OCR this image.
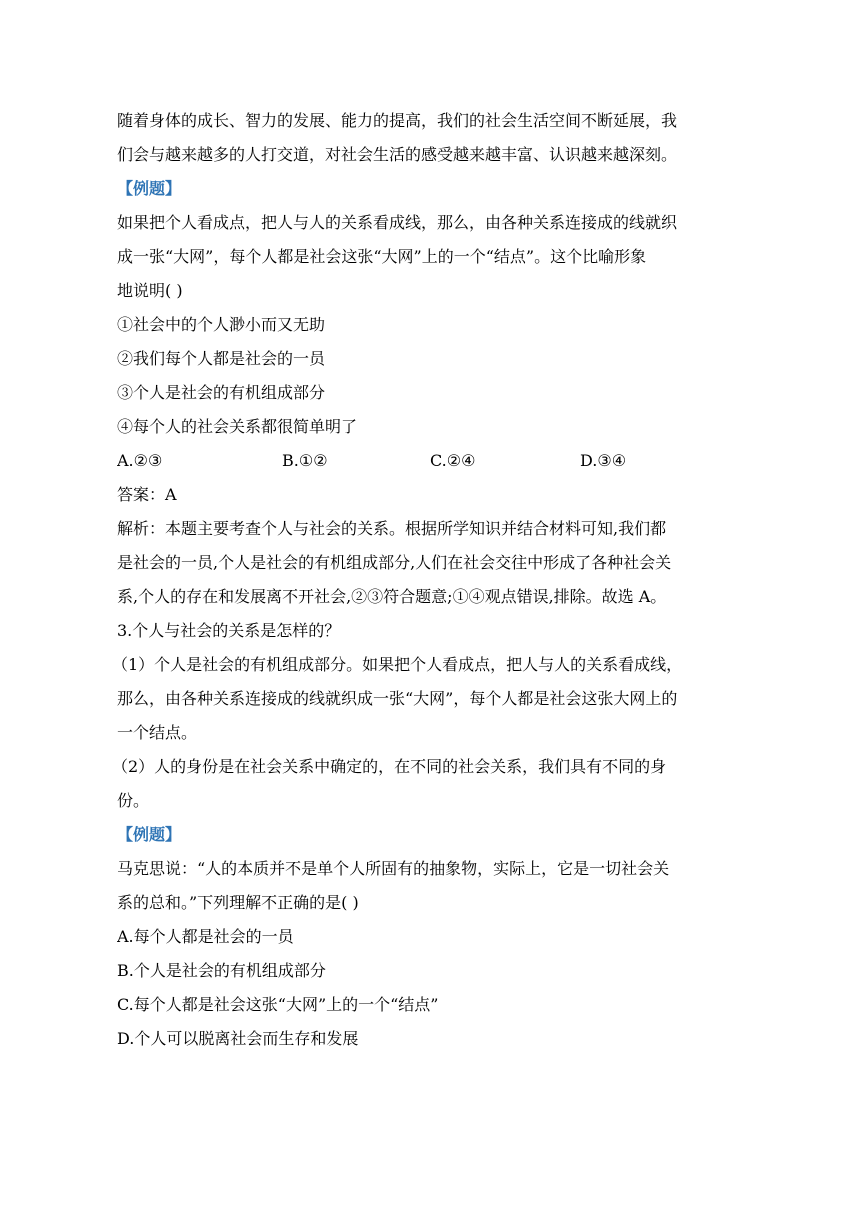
随着身体的成长、智力的发展、能力的提高，我们的社会生活空间不断延展，我
们会与越来越多的人打交道，对社会生活的感受越来越丰富、认识越来越深刻。
【例题】
如果把个人看成点，把人与人的关系看成线，那么，由各种关系连接成的线就织
成一张“大网”，每个人都是社会这张“大网”上的一个“结点”。这个比喻形象
地说明( )
①社会中的个人渺小而又无助
②我们每个人都是社会的一员
③个人是社会的有机组成部分
④每个人的社会关系都很简单明了
A.②③	B.①②	C.②④	D.③④
答案：A
解析：本题主要考查个人与社会的关系。根据所学知识并结合材料可知,我们都
是社会的一员,个人是社会的有机组成部分,人们在社会交往中形成了各种社会关
系,个人的存在和发展离不开社会,②③符合题意;①④观点错误,排除。故选 A。
3.个人与社会的关系是怎样的？
（1）个人是社会的有机组成部分。如果把个人看成点，把人与人的关系看成线，
那么，由各种关系连接成的线就织成一张“大网”，每个人都是社会这张大网上的
一个结点。
（2）人的身份是在社会关系中确定的，在不同的社会关系，我们具有不同的身
份。
【例题】
马克思说：“人的本质并不是单个人所固有的抽象物，实际上，它是一切社会关
系的总和。”下列理解不正确的是( )
A.每个人都是社会的一员
B.个人是社会的有机组成部分
C.每个人都是社会这张“大网”上的一个“结点”
D.个人可以脱离社会而生存和发展
